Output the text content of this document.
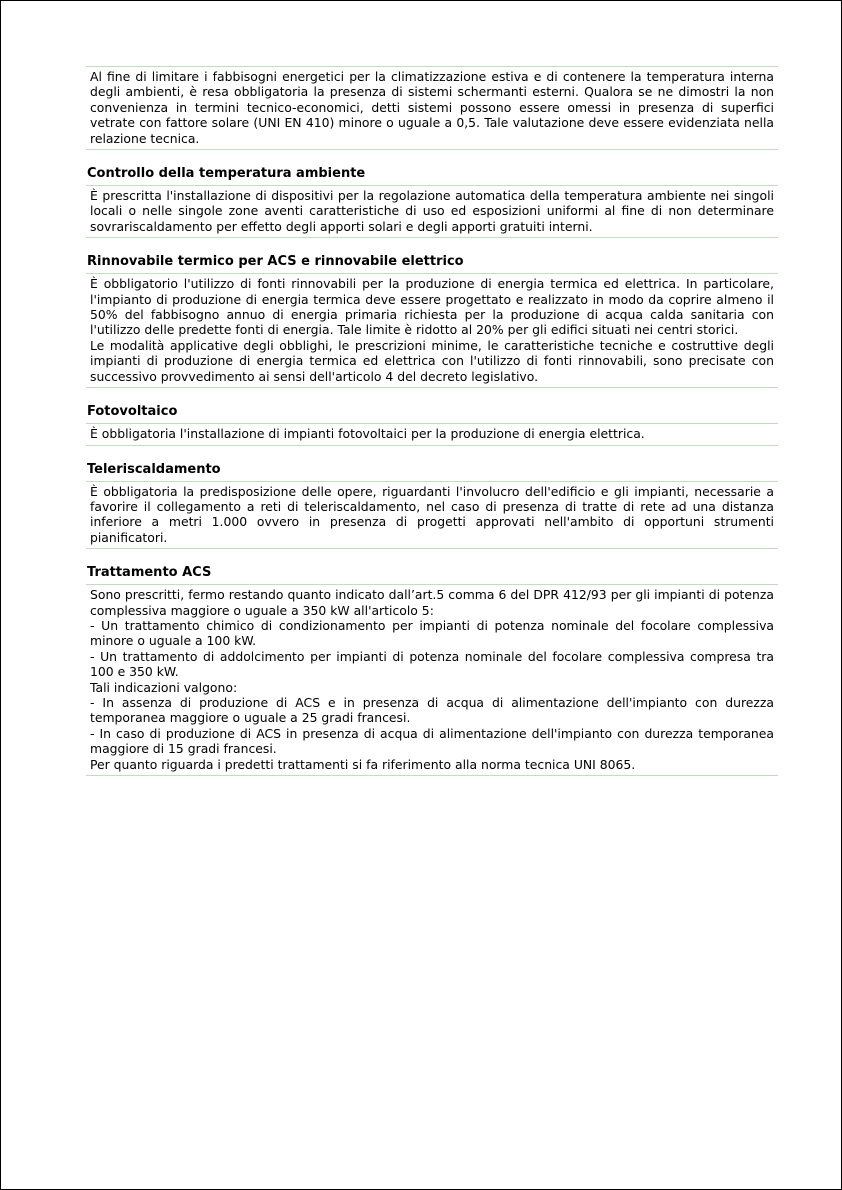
Al fine di limitare i fabbisogni energetici per la climatizzazione estiva e di contenere la temperatura interna degli ambienti, è resa obbligatoria la presenza di sistemi schermanti esterni. Qualora se ne dimostri la non convenienza in termini tecnico-economici, detti sistemi possono essere omessi in presenza di superfici vetrate con fattore solare (UNI EN 410) minore o uguale a 0,5. Tale valutazione deve essere evidenziata nella relazione tecnica.

Controllo della temperatura ambiente

È prescritta l'installazione di dispositivi per la regolazione automatica della temperatura ambiente nei singoli locali o nelle singole zone aventi caratteristiche di uso ed esposizioni uniformi al fine di non determinare sovrariscaldamento per effetto degli apporti solari e degli apporti gratuiti interni.

Rinnovabile termico per ACS e rinnovabile elettrico

È obbligatorio l'utilizzo di fonti rinnovabili per la produzione di energia termica ed elettrica. In particolare, l'impianto di produzione di energia termica deve essere progettato e realizzato in modo da coprire almeno il 50% del fabbisogno annuo di energia primaria richiesta per la produzione di acqua calda sanitaria con l'utilizzo delle predette fonti di energia. Tale limite è ridotto al 20% per gli edifici situati nei centri storici.

Le modalità applicative degli obblighi, le prescrizioni minime, le caratteristiche tecniche e costruttive degli impianti di produzione di energia termica ed elettrica con l'utilizzo di fonti rinnovabili, sono precisate con successivo provvedimento ai sensi dell'articolo 4 del decreto legislativo.

Fotovoltaico

È obbligatoria l'installazione di impianti fotovoltaici per la produzione di energia elettrica.

Teleriscaldamento

È obbligatoria la predisposizione delle opere, riguardanti l'involucro dell'edificio e gli impianti, necessarie a favorire il collegamento a reti di teleriscaldamento, nel caso di presenza di tratte di rete ad una distanza inferiore a metri 1.000 ovvero in presenza di progetti approvati nell'ambito di opportuni strumenti pianificatori.

Trattamento ACS

Sono prescritti, fermo restando quanto indicato dall’art.5 comma 6 del DPR 412/93 per gli impianti di potenza complessiva maggiore o uguale a 350 kW all'articolo 5:

- Un trattamento chimico di condizionamento per impianti di potenza nominale del focolare complessiva minore o uguale a 100 kW.

- Un trattamento di addolcimento per impianti di potenza nominale del focolare complessiva compresa tra 100 e 350 kW.

Tali indicazioni valgono:

- In assenza di produzione di ACS e in presenza di acqua di alimentazione dell'impianto con durezza temporanea maggiore o uguale a 25 gradi francesi.

- In caso di produzione di ACS in presenza di acqua di alimentazione dell'impianto con durezza temporanea maggiore di 15 gradi francesi.

Per quanto riguarda i predetti trattamenti si fa riferimento alla norma tecnica UNI 8065.
